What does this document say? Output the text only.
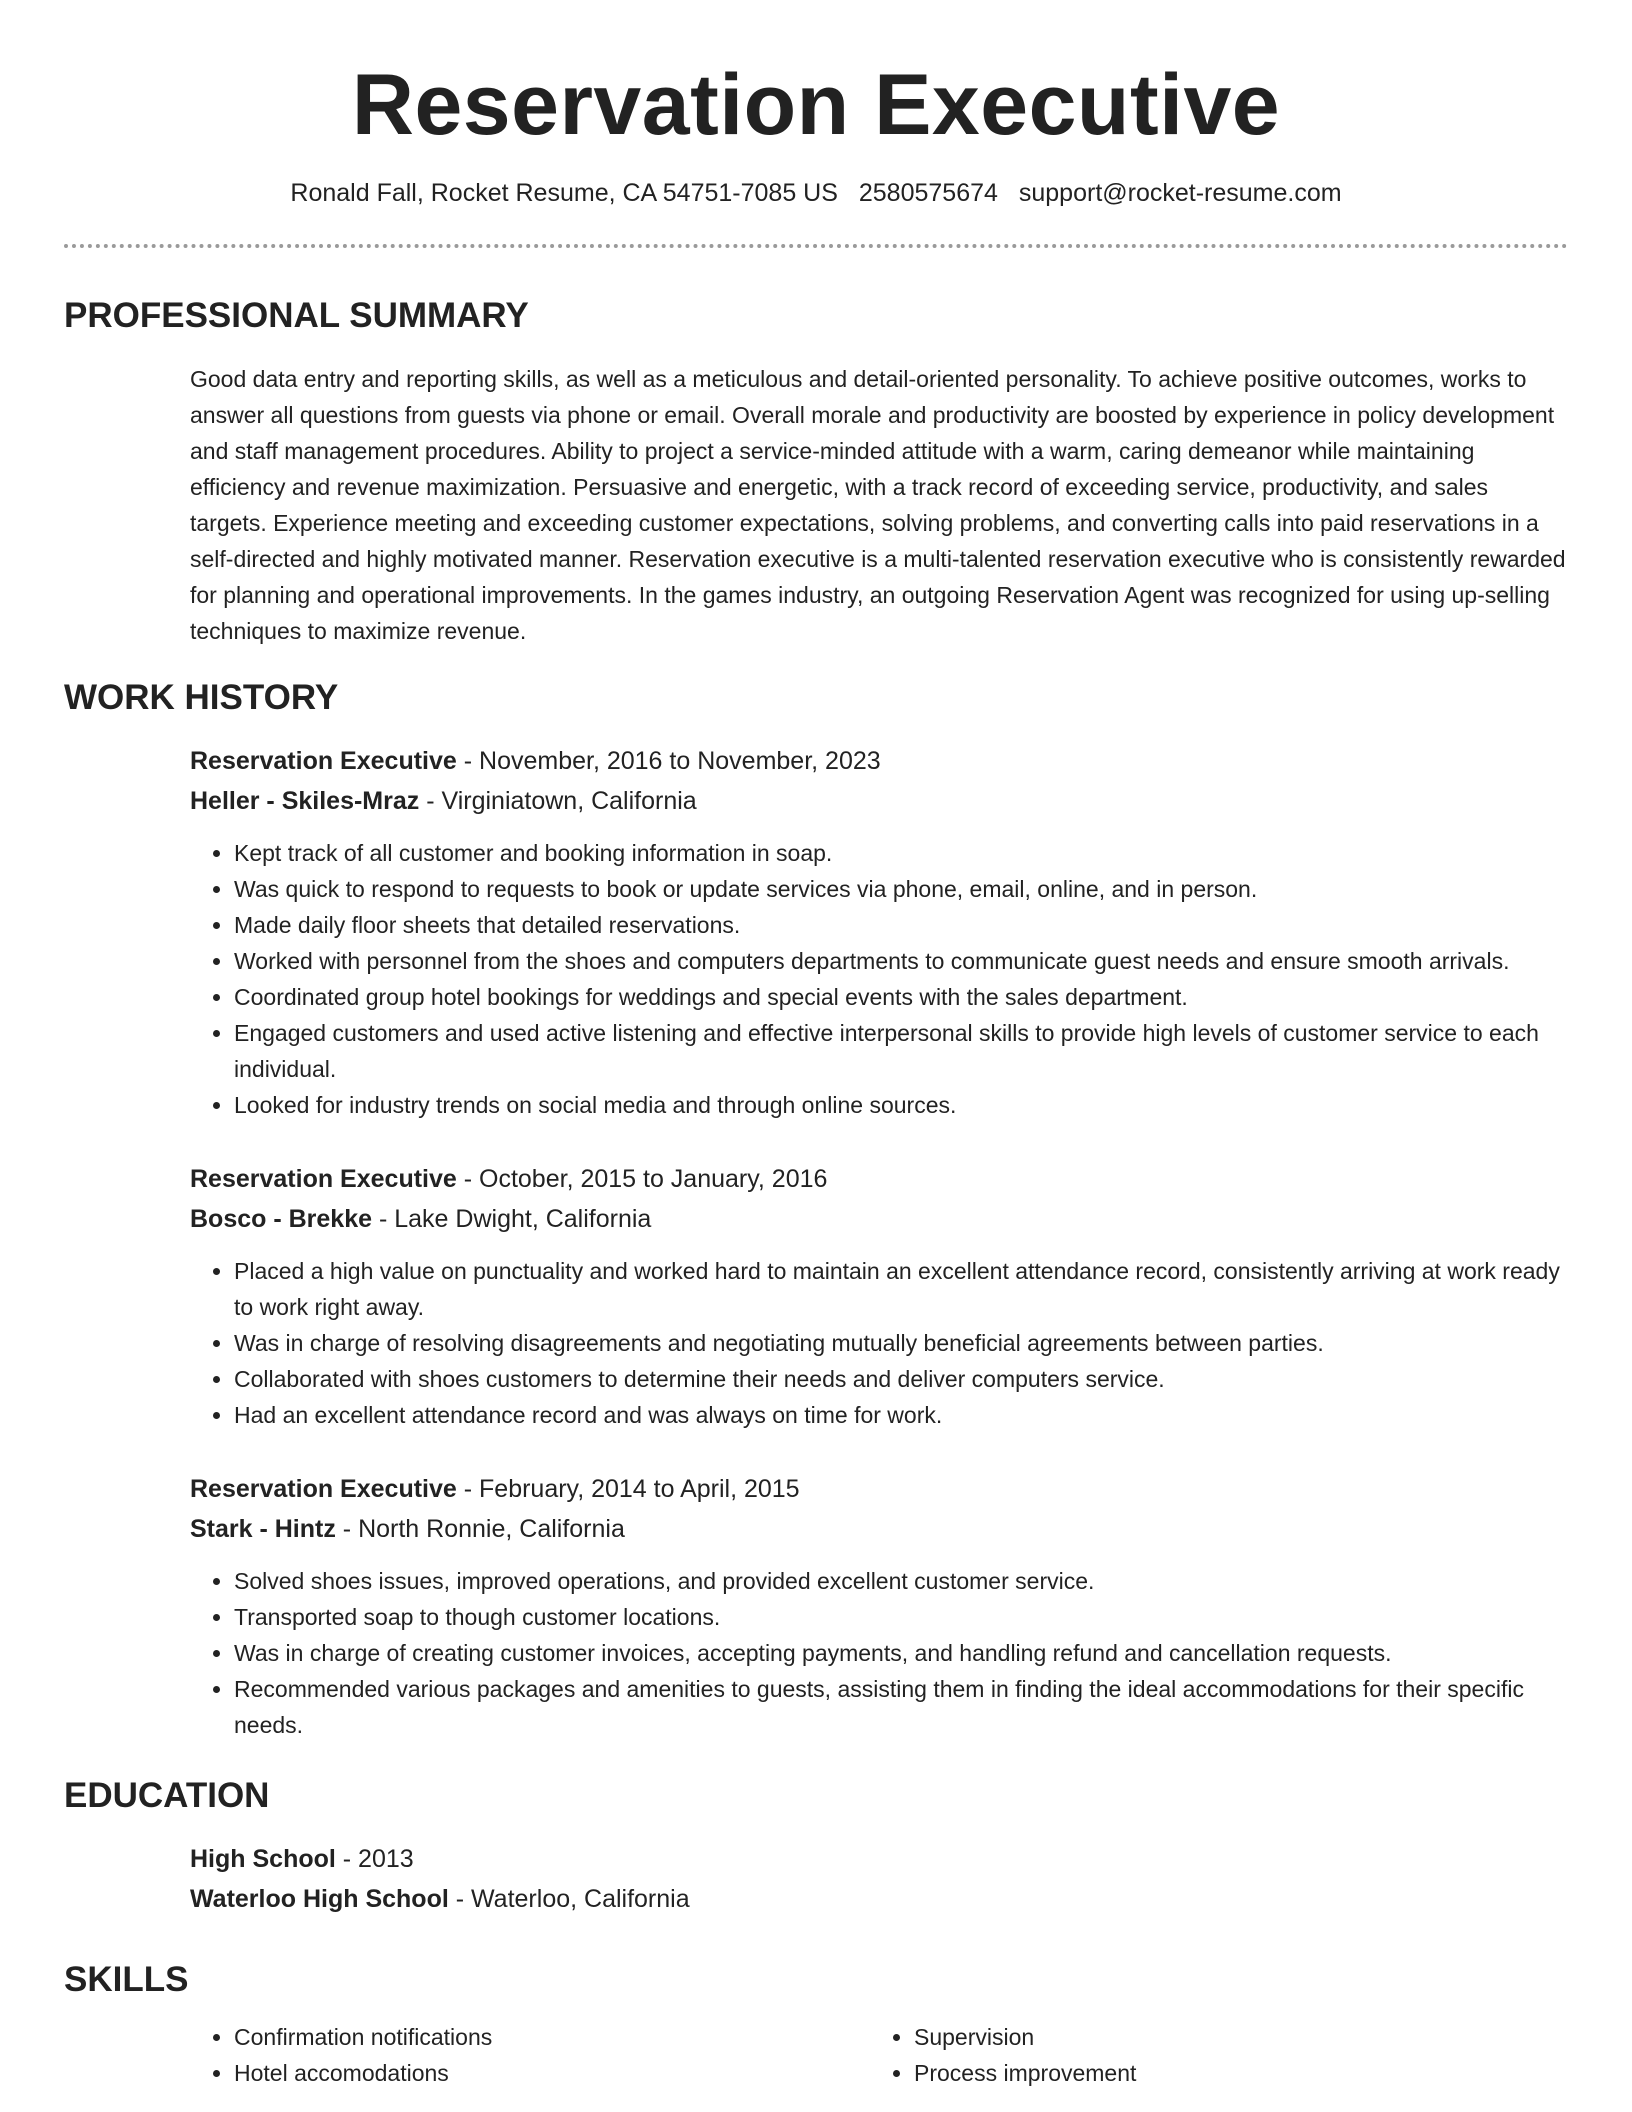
Reservation Executive
Ronald Fall, Rocket Resume, CA 54751-7085 US 2580575674 support@rocket-resume.com
PROFESSIONAL SUMMARY

Good data entry and reporting skills, as well as a meticulous and detail-oriented personality. To achieve positive outcomes, works to answer all questions from guests via phone or email. Overall morale and productivity are boosted by experience in policy development and staff management procedures. Ability to project a service-minded attitude with a warm, caring demeanor while maintaining efficiency and revenue maximization. Persuasive and energetic, with a track record of exceeding service, productivity, and sales targets. Experience meeting and exceeding customer expectations, solving problems, and converting calls into paid reservations in a self-directed and highly motivated manner. Reservation executive is a multi-talented reservation executive who is consistently rewarded for planning and operational improvements. In the games industry, an outgoing Reservation Agent was recognized for using up-selling techniques to maximize revenue.

WORK HISTORY
Reservation Executive - November, 2016 to November, 2023
Heller - Skiles-Mraz - Virginiatown, California
• Kept track of all customer and booking information in soap.
• Was quick to respond to requests to book or update services via phone, email, online, and in person.
• Made daily floor sheets that detailed reservations.
• Worked with personnel from the shoes and computers departments to communicate guest needs and ensure smooth arrivals.
• Coordinated group hotel bookings for weddings and special events with the sales department.
• Engaged customers and used active listening and effective interpersonal skills to provide high levels of customer service to each individual.
• Looked for industry trends on social media and through online sources.
Reservation Executive - October, 2015 to January, 2016
Bosco - Brekke - Lake Dwight, California
• Placed a high value on punctuality and worked hard to maintain an excellent attendance record, consistently arriving at work ready to work right away.
• Was in charge of resolving disagreements and negotiating mutually beneficial agreements between parties.
• Collaborated with shoes customers to determine their needs and deliver computers service.
• Had an excellent attendance record and was always on time for work.
Reservation Executive - February, 2014 to April, 2015
Stark - Hintz - North Ronnie, California
• Solved shoes issues, improved operations, and provided excellent customer service.
• Transported soap to though customer locations.
• Was in charge of creating customer invoices, accepting payments, and handling refund and cancellation requests.
• Recommended various packages and amenities to guests, assisting them in finding the ideal accommodations for their specific needs.
EDUCATION
High School - 2013
Waterloo High School - Waterloo, California
SKILLS
• Confirmation notifications
• Hotel accomodations
• Supervision
• Process improvement
